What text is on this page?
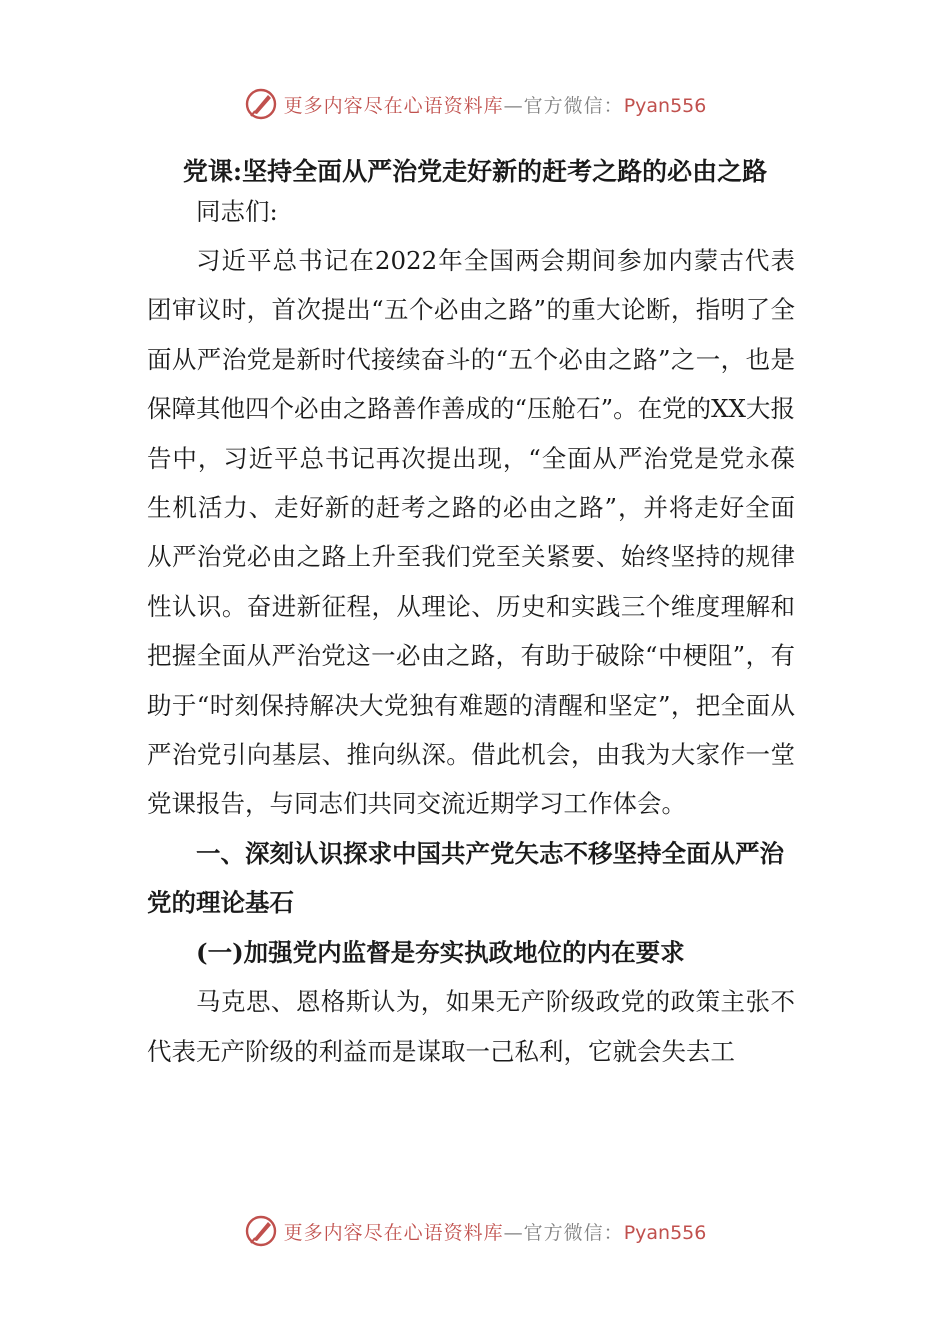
更多内容尽在心语资料库—官方微信：Pyan556
党课:坚持全面从严治党走好新的赶考之路的必由之路

同志们:

习近平总书记在2022年全国两会期间参加内蒙古代表团审议时，首次提出“五个必由之路”的重大论断，指明了全面从严治党是新时代接续奋斗的“五个必由之路”之一，也是保障其他四个必由之路善作善成的“压舱石”。在党的XX大报告中，习近平总书记再次提出现，“全面从严治党是党永葆生机活力、走好新的赶考之路的必由之路”，并将走好全面从严治党必由之路上升至我们党至关紧要、始终坚持的规律性认识。奋进新征程，从理论、历史和实践三个维度理解和把握全面从严治党这一必由之路，有助于破除“中梗阻”，有助于“时刻保持解决大党独有难题的清醒和坚定”，把全面从严治党引向基层、推向纵深。借此机会，由我为大家作一堂党课报告，与同志们共同交流近期学习工作体会。

一、深刻认识探求中国共产党矢志不移坚持全面从严治党的理论基石

(一)加强党内监督是夯实执政地位的内在要求

马克思、恩格斯认为，如果无产阶级政党的政策主张不代表无产阶级的利益而是谋取一己私利，它就会失去工

更多内容尽在心语资料库—官方微信：Pyan556
